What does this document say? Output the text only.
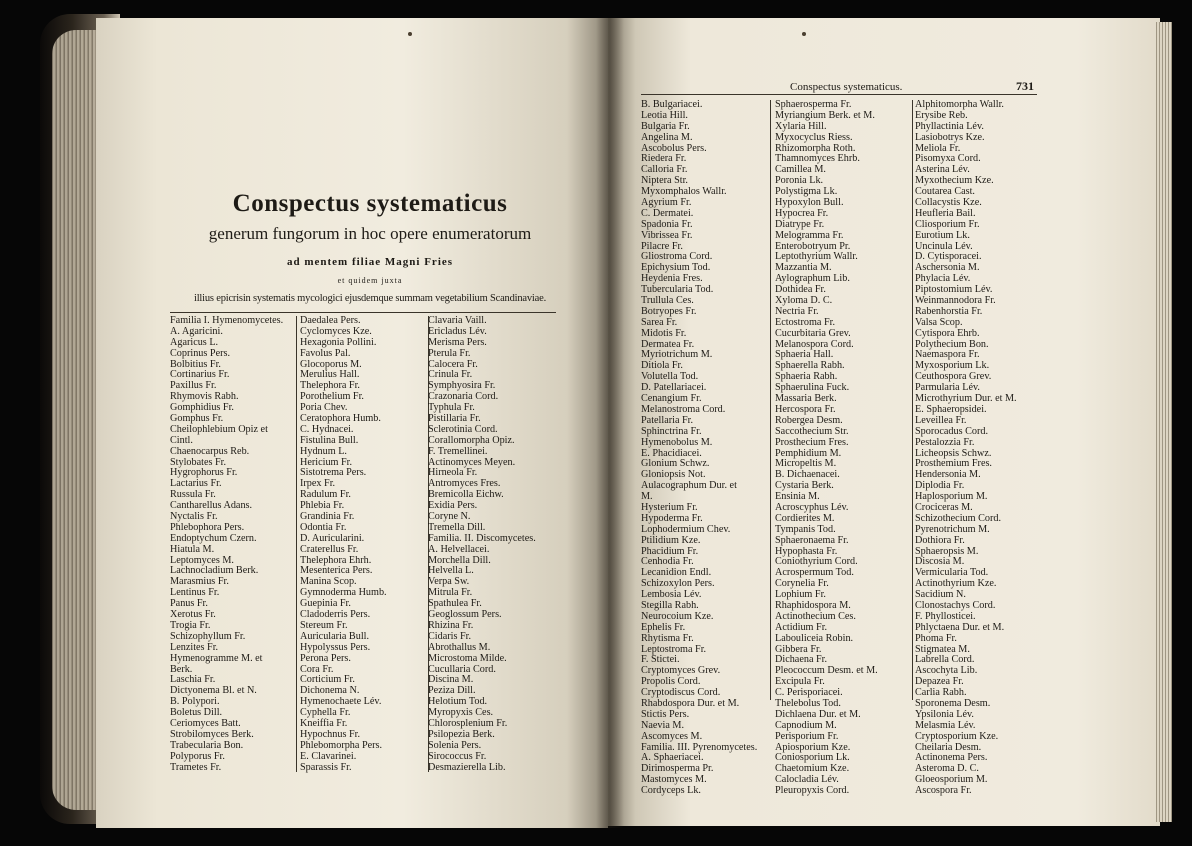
Conspectus systematicus
generum fungorum in hoc opere enumeratorum
ad mentem filiae Magni Fries
et quidem juxta
illius epicrisin systematis mycologici ejusdemque summam vegetabilium Scandinaviae.
Conspectus systematicus.	731
Familia I. Hymenomycetes.
A. Agaricini.
Agaricus L.
Coprinus Pers.
Bolbitius Fr.
Cortinarius Fr.
Paxillus Fr.
Rhymovis Rabh.
Gomphidius Fr.
Gomphus Fr.
Cheilophlebium Opiz et
Cintl.
Chaenocarpus Reb.
Stylobates Fr.
Hygrophorus Fr.
Lactarius Fr.
Russula Fr.
Cantharellus Adans.
Nyctalis Fr.
Phlebophora Pers.
Endoptychum Czern.
Hiatula M.
Leptomyces M.
Lachnocladium Berk.
Marasmius Fr.
Lentinus Fr.
Panus Fr.
Xerotus Fr.
Trogia Fr.
Schizophyllum Fr.
Lenzites Fr.
Hymenogramme M. et
Berk.
Laschia Fr.
Dictyonema Bl. et N.
B. Polypori.
Boletus Dill.
Ceriomyces Batt.
Strobilomyces Berk.
Trabecularia Bon.
Polyporus Fr.
Trametes Fr.
Daedalea Pers.
Cyclomyces Kze.
Hexagonia Pollini.
Favolus Pal.
Glocoporus M.
Merulius Hall.
Thelephora Fr.
Porothelium Fr.
Poria Chev.
Ceratophora Humb.
C. Hydnacei.
Fistulina Bull.
Hydnum L.
Hericium Fr.
Sistotrema Pers.
Irpex Fr.
Radulum Fr.
Phlebia Fr.
Grandinia Fr.
Odontia Fr.
D. Auricularini.
Craterellus Fr.
Thelephora Ehrh.
Mesenterica Pers.
Manina Scop.
Gymnoderma Humb.
Guepinia Fr.
Cladoderris Pers.
Stereum Fr.
Auricularia Bull.
Hypolyssus Pers.
Perona Pers.
Cora Fr.
Corticium Fr.
Dichonema N.
Hymenochaete Lév.
Cyphella Fr.
Kneiffia Fr.
Hypochnus Fr.
Phlebomorpha Pers.
E. Clavarinei.
Sparassis Fr.
Clavaria Vaill.
Ericladus Lév.
Merisma Pers.
Pterula Fr.
Calocera Fr.
Crinula Fr.
Symphyosira Fr.
Crazonaria Cord.
Typhula Fr.
Pistillaria Fr.
Sclerotinia Cord.
Corallomorpha Opiz.
F. Tremellinei.
Actinomyces Meyen.
Hirneola Fr.
Antromyces Fres.
Bremicolla Eichw.
Exidia Pers.
Coryne N.
Tremella Dill.
Familia. II. Discomycetes.
A. Helvellacei.
Morchella Dill.
Helvella L.
Verpa Sw.
Mitrula Fr.
Spathulea Fr.
Geoglossum Pers.
Rhizina Fr.
Cidaris Fr.
Abrothallus M.
Microstoma Milde.
Cucullaria Cord.
Discina M.
Peziza Dill.
Helotium Tod.
Myropyxis Ces.
Chlorosplenium Fr.
Psilopezia Berk.
Solenia Pers.
Sirococcus Fr.
Desmazierella Lib.
B. Bulgariacei.
Leotia Hill.
Bulgaria Fr.
Angelina M.
Ascobolus Pers.
Riedera Fr.
Calloria Fr.
Niptera Str.
Myxomphalos Wallr.
Agyrium Fr.
C. Dermatei.
Spadonia Fr.
Vibrissea Fr.
Pilacre Fr.
Gliostroma Cord.
Epichysium Tod.
Heydenia Fres.
Tubercularia Tod.
Trullula Ces.
Botryopes Fr.
Sarea Fr.
Midotis Fr.
Dermatea Fr.
Myriotrichum M.
Ditiola Fr.
Volutella Tod.
D. Patellariacei.
Cenangium Fr.
Melanostroma Cord.
Patellaria Fr.
Sphinctrina Fr.
Hymenobolus M.
E. Phacidiacei.
Glonium Schwz.
Gloniopsis Not.
Aulacographum Dur. et
M.
Hysterium Fr.
Hypoderma Fr.
Lophodermium Chev.
Ptilidium Kze.
Phacidium Fr.
Cenhodia Fr.
Lecanidion Endl.
Schizoxylon Pers.
Lembosia Lév.
Stegilla Rabh.
Neurocoium Kze.
Ephelis Fr.
Rhytisma Fr.
Leptostroma Fr.
F. Stictei.
Cryptomyces Grev.
Propolis Cord.
Cryptodiscus Cord.
Rhabdospora Dur. et M.
Stictis Pers.
Naevia M.
Ascomyces M.
Familia. III. Pyrenomycetes.
A. Sphaeriacei.
Dirimosperma Pr.
Mastomyces M.
Cordyceps Lk.
Sphaerosperma Fr.
Myriangium Berk. et M.
Xylaria Hill.
Myxocyclus Riess.
Rhizomorpha Roth.
Thamnomyces Ehrb.
Camillea M.
Poronia Lk.
Polystigma Lk.
Hypoxylon Bull.
Hypocrea Fr.
Diatrype Fr.
Melogramma Fr.
Enterobotryum Pr.
Leptothyrium Wallr.
Mazzantia M.
Aylographum Lib.
Dothidea Fr.
Xyloma D. C.
Nectria Fr.
Ectostroma Fr.
Cucurbitaria Grev.
Melanospora Cord.
Sphaeria Hall.
Sphaerella Rabh.
Sphaeria Rabh.
Sphaerulina Fuck.
Massaria Berk.
Hercospora Fr.
Robergea Desm.
Saccothecium Str.
Prosthecium Fres.
Pemphidium M.
Micropeltis M.
B. Dichaenacei.
Cystaria Berk.
Ensinia M.
Acroscyphus Lév.
Cordierites M.
Tympanis Tod.
Sphaeronaema Fr.
Hypophasta Fr.
Coniothyrium Cord.
Acrospermum Tod.
Corynelia Fr.
Lophium Fr.
Rhaphidospora M.
Actinothecium Ces.
Actidium Fr.
Labouliceia Robin.
Gibbera Fr.
Dichaena Fr.
Pleococcum Desm. et M.
Excipula Fr.
C. Perisporiacei.
Thelebolus Tod.
Dichlaena Dur. et M.
Capnodium M.
Perisporium Fr.
Apiosporium Kze.
Coniosporium Lk.
Chaetomium Kze.
Calocladia Lév.
Pleuropyxis Cord.
Alphitomorpha Wallr.
Erysibe Reb.
Phyllactinia Lév.
Lasiobotrys Kze.
Meliola Fr.
Pisomyxa Cord.
Asterina Lév.
Myxothecium Kze.
Coutarea Cast.
Collacystis Kze.
Heufleria Bail.
Cliosporium Fr.
Eurotium Lk.
Uncinula Lév.
D. Cytisporacei.
Aschersonia M.
Phylacia Lév.
Piptostomium Lév.
Weinmannodora Fr.
Rabenhorstia Fr.
Valsa Scop.
Cytispora Ehrb.
Polythecium Bon.
Naemaspora Fr.
Myxosporium Lk.
Ceuthospora Grev.
Parmularia Lév.
Microthyrium Dur. et M.
E. Sphaeropsidei.
Leveillea Fr.
Sporocadus Cord.
Pestalozzia Fr.
Licheopsis Schwz.
Prosthemium Fres.
Hendersonia M.
Diplodia Fr.
Haplosporium M.
Crociceras M.
Schizothecium Cord.
Pyrenotrichum M.
Dothiora Fr.
Sphaeropsis M.
Discosia M.
Vermicularia Tod.
Actinothyrium Kze.
Sacidium N.
Clonostachys Cord.
F. Phyllosticei.
Phlyctaena Dur. et M.
Phoma Fr.
Stigmatea M.
Labrella Cord.
Ascochyta Lib.
Depazea Fr.
Carlia Rabh.
Sporonema Desm.
Ypsilonia Lév.
Melasmia Lév.
Cryptosporium Kze.
Cheilaria Desm.
Actinonema Pers.
Asteroma D. C.
Gloeosporium M.
Ascospora Fr.
